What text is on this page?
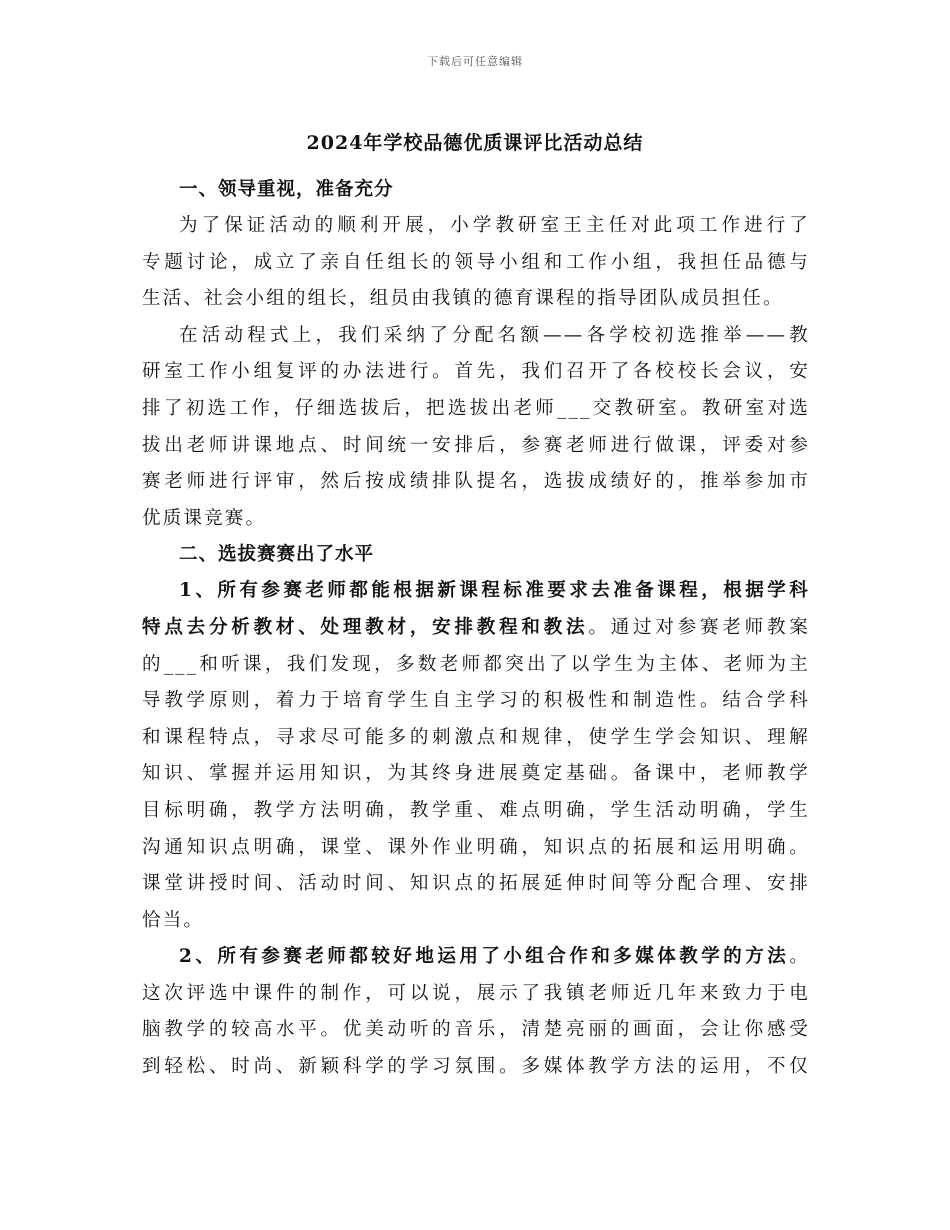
下载后可任意编辑
2024年学校品德优质课评比活动总结

一、领导重视，准备充分

为了保证活动的顺利开展，小学教研室王主任对此项工作进行了
专题讨论，成立了亲自任组长的领导小组和工作小组，我担任品德与
生活、社会小组的组长，组员由我镇的德育课程的指导团队成员担任。

在活动程式上，我们采纳了分配名额——各学校初选推举——教
研室工作小组复评的办法进行。首先，我们召开了各校校长会议，安
排了初选工作，仔细选拔后，把选拔出老师___交教研室。教研室对选
拔出老师讲课地点、时间统一安排后，参赛老师进行做课，评委对参
赛老师进行评审，然后按成绩排队提名，选拔成绩好的，推举参加市
优质课竞赛。

二、选拔赛赛出了水平

1、所有参赛老师都能根据新课程标准要求去准备课程，根据学科
特点去分析教材、处理教材，安排教程和教法。通过对参赛老师教案
的___和听课，我们发现，多数老师都突出了以学生为主体、老师为主
导教学原则，着力于培育学生自主学习的积极性和制造性。结合学科
和课程特点，寻求尽可能多的刺激点和规律，使学生学会知识、理解
知识、掌握并运用知识，为其终身进展奠定基础。备课中，老师教学
目标明确，教学方法明确，教学重、难点明确，学生活动明确，学生
沟通知识点明确，课堂、课外作业明确，知识点的拓展和运用明确。
课堂讲授时间、活动时间、知识点的拓展延伸时间等分配合理、安排
恰当。

2、所有参赛老师都较好地运用了小组合作和多媒体教学的方法。
这次评选中课件的制作，可以说，展示了我镇老师近几年来致力于电
脑教学的较高水平。优美动听的音乐，清楚亮丽的画面，会让你感受
到轻松、时尚、新颖科学的学习氛围。多媒体教学方法的运用，不仅
